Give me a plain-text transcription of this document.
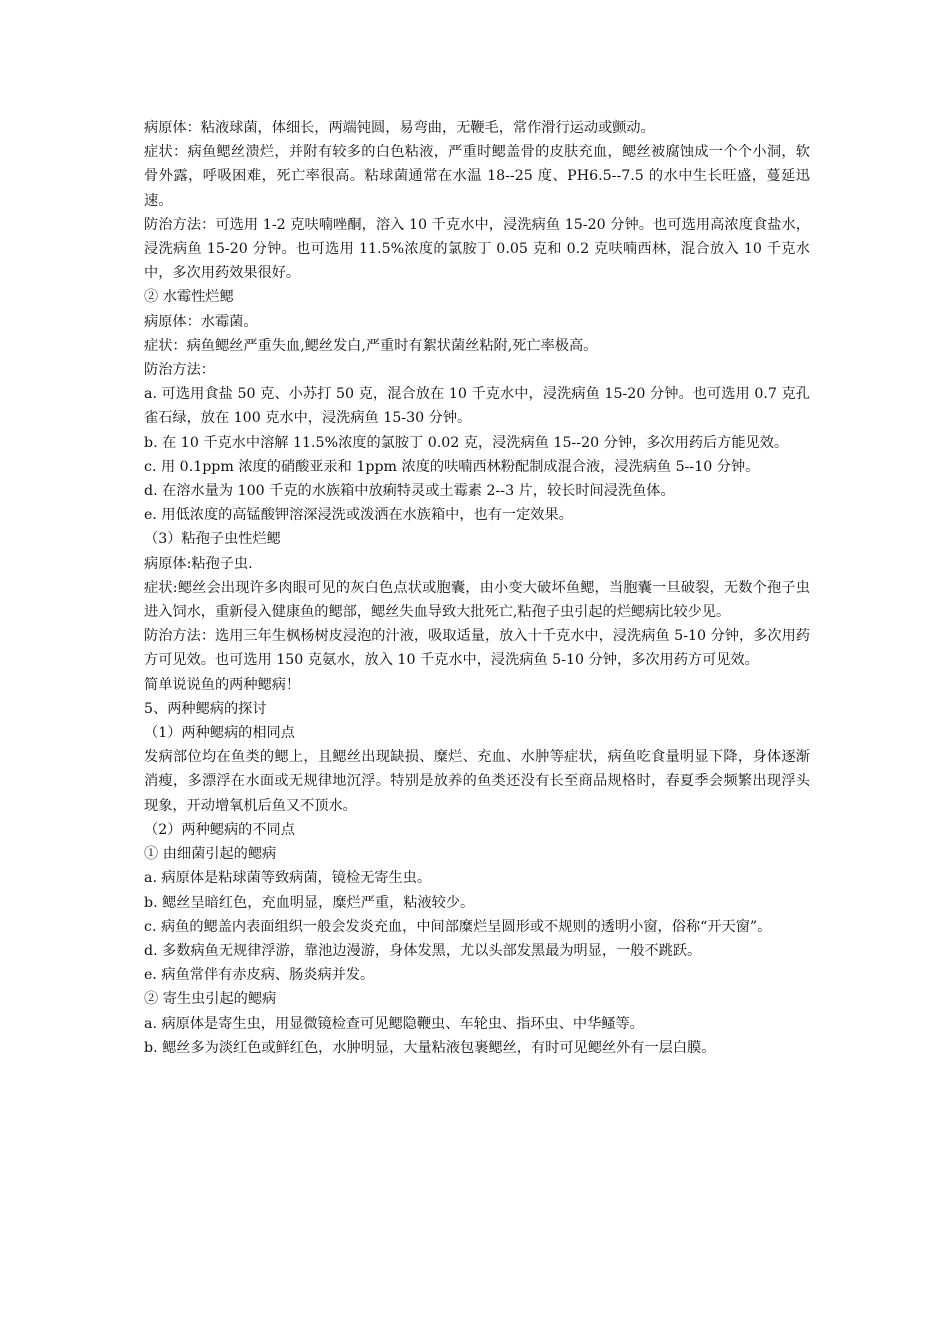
病原体：粘液球菌，体细长，两端钝圆，易弯曲，无鞭毛，常作滑行运动或颤动。

症状：病鱼鳃丝溃烂，并附有较多的白色粘液，严重时鳃盖骨的皮肤充血，鳃丝被腐蚀成一个个小洞，软骨外露，呼吸困难，死亡率很高。粘球菌通常在水温 18--25 度、PH6.5--7.5 的水中生长旺盛，蔓延迅速。

防治方法：可选用 1-2 克呋喃唑酮，溶入 10 千克水中，浸洗病鱼 15-20 分钟。也可选用高浓度食盐水，浸洗病鱼 15-20 分钟。也可选用 11.5%浓度的氯胺丁 0.05 克和 0.2 克呋喃西林，混合放入 10 千克水中，多次用药效果很好。

② 水霉性烂鳃

病原体：水霉菌。

症状：病鱼鳃丝严重失血,鳃丝发白,严重时有絮状菌丝粘附,死亡率极高。

防治方法：

a. 可选用食盐 50 克、小苏打 50 克，混合放在 10 千克水中，浸洗病鱼 15-20 分钟。也可选用 0.7 克孔雀石绿，放在 100 克水中，浸洗病鱼 15-30 分钟。

b. 在 10 千克水中溶解 11.5%浓度的氯胺丁 0.02 克，浸洗病鱼 15--20 分钟，多次用药后方能见效。

c. 用 0.1ppm 浓度的硝酸亚汞和 1ppm 浓度的呋喃西林粉配制成混合液，浸洗病鱼 5--10 分钟。

d. 在溶水量为 100 千克的水族箱中放痢特灵或土霉素 2--3 片，较长时间浸洗鱼体。

e. 用低浓度的高锰酸钾溶深浸洗或泼洒在水族箱中，也有一定效果。

（3）粘孢子虫性烂鳃

病原体:粘孢子虫.

症状:鳃丝会出现许多肉眼可见的灰白色点状或胞囊，由小变大破坏鱼鳃，当胞囊一旦破裂，无数个孢子虫进入饲水，重新侵入健康鱼的鳃部，鳃丝失血导致大批死亡,粘孢子虫引起的烂鳃病比较少见。

防治方法：选用三年生枫杨树皮浸泡的汁液，吸取适量，放入十千克水中，浸洗病鱼 5-10 分钟，多次用药方可见效。也可选用 150 克氨水，放入 10 千克水中，浸洗病鱼 5-10 分钟，多次用药方可见效。

简单说说鱼的两种鳃病！

5、两种鳃病的探讨

（1）两种鳃病的相同点

发病部位均在鱼类的鳃上，且鳃丝出现缺损、糜烂、充血、水肿等症状，病鱼吃食量明显下降，身体逐渐消瘦，多漂浮在水面或无规律地沉浮。特别是放养的鱼类还没有长至商品规格时，春夏季会频繁出现浮头现象，开动增氧机后鱼又不顶水。

（2）两种鳃病的不同点

① 由细菌引起的鳃病

a. 病原体是粘球菌等致病菌，镜检无寄生虫。

b. 鳃丝呈暗红色，充血明显，糜烂严重，粘液较少。

c. 病鱼的鳃盖内表面组织一般会发炎充血，中间部糜烂呈圆形或不规则的透明小窗，俗称“开天窗”。

d. 多数病鱼无规律浮游，靠池边漫游，身体发黑，尤以头部发黑最为明显，一般不跳跃。

e. 病鱼常伴有赤皮病、肠炎病并发。

② 寄生虫引起的鳃病

a. 病原体是寄生虫，用显微镜检查可见鳃隐鞭虫、车轮虫、指环虫、中华鳋等。

b. 鳃丝多为淡红色或鲜红色，水肿明显，大量粘液包裹鳃丝，有时可见鳃丝外有一层白膜。
